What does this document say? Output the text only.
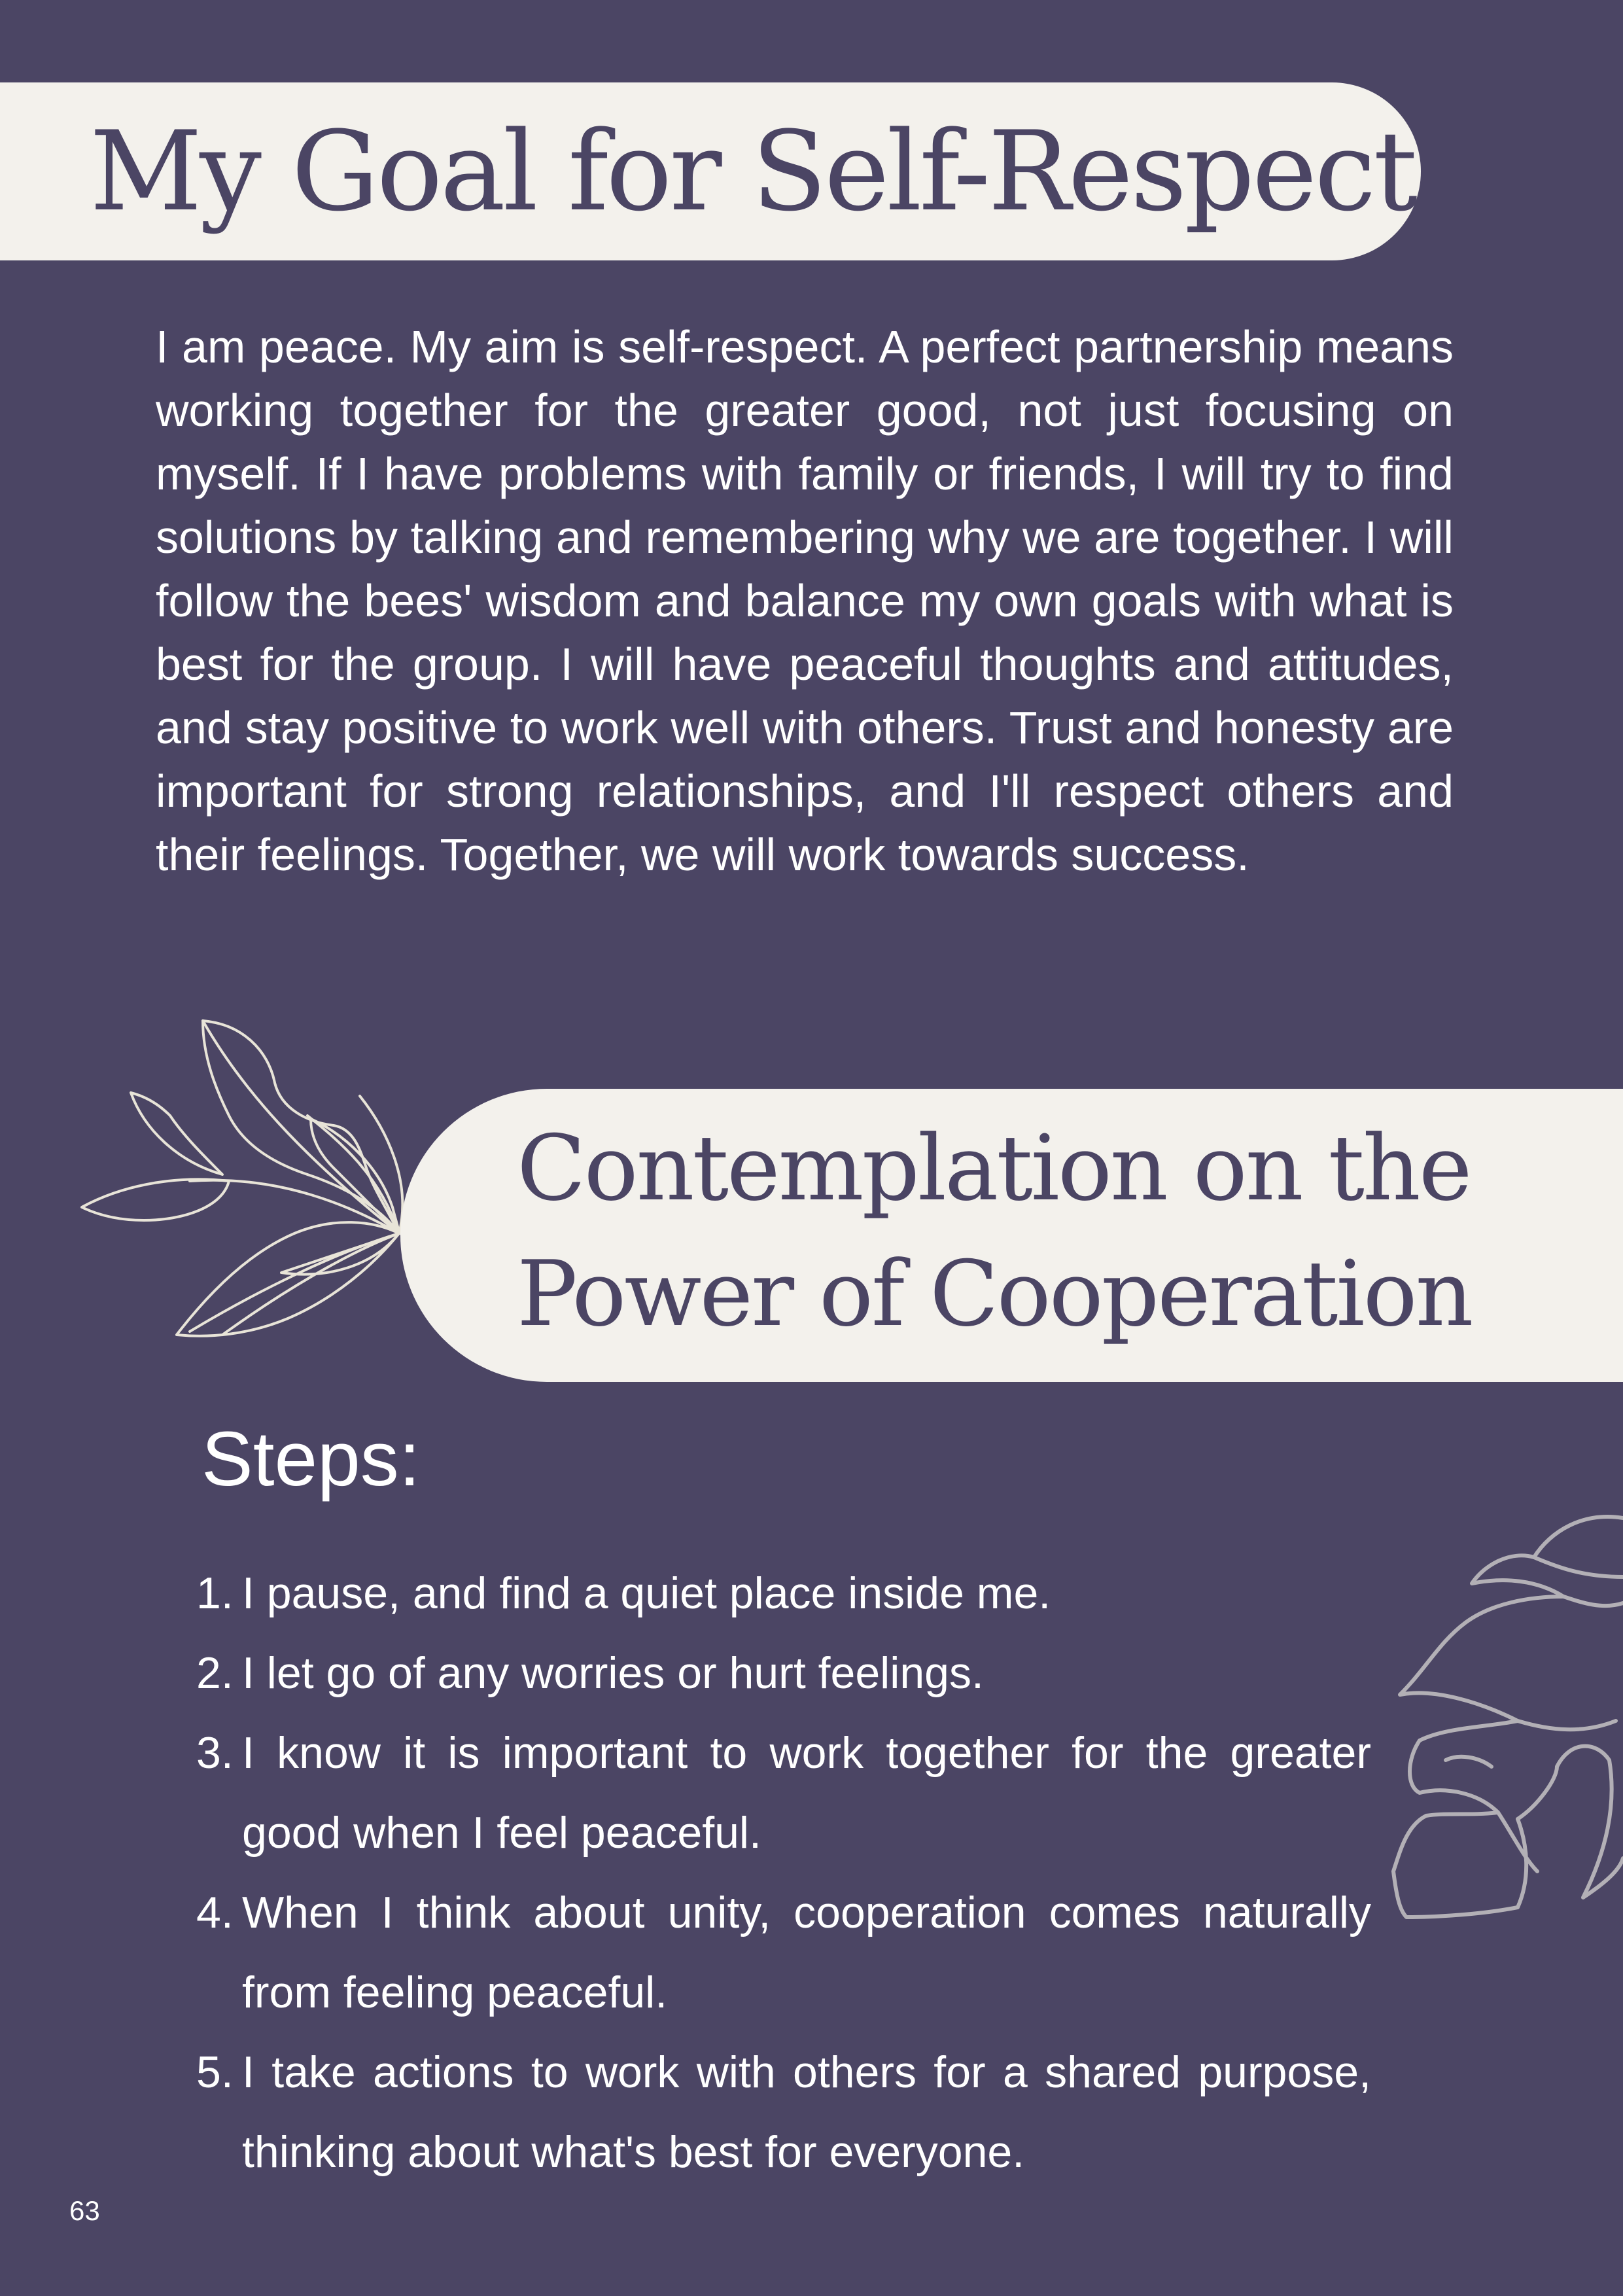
My Goal for Self-Respect

I am peace. My aim is self-respect. A perfect partnership means working together for the greater good, not just focusing on myself. If I have problems with family or friends, I will try to find solutions by talking and remembering why we are together. I will follow the bees' wisdom and balance my own goals with what is best for the group. I will have peaceful thoughts and attitudes, and stay positive to work well with others. Trust and honesty are important for strong relationships, and I'll respect others and their feelings. Together, we will work towards success.

Contemplation on the
Power of Cooperation
Steps:
1. I pause, and find a quiet place inside me.
2. I let go of any worries or hurt feelings.
3. I know it is important to work together for the greater good when I feel peaceful.
4. When I think about unity, cooperation comes naturally from feeling peaceful.
5. I take actions to work with others for a shared purpose, thinking about what's best for everyone.
63
